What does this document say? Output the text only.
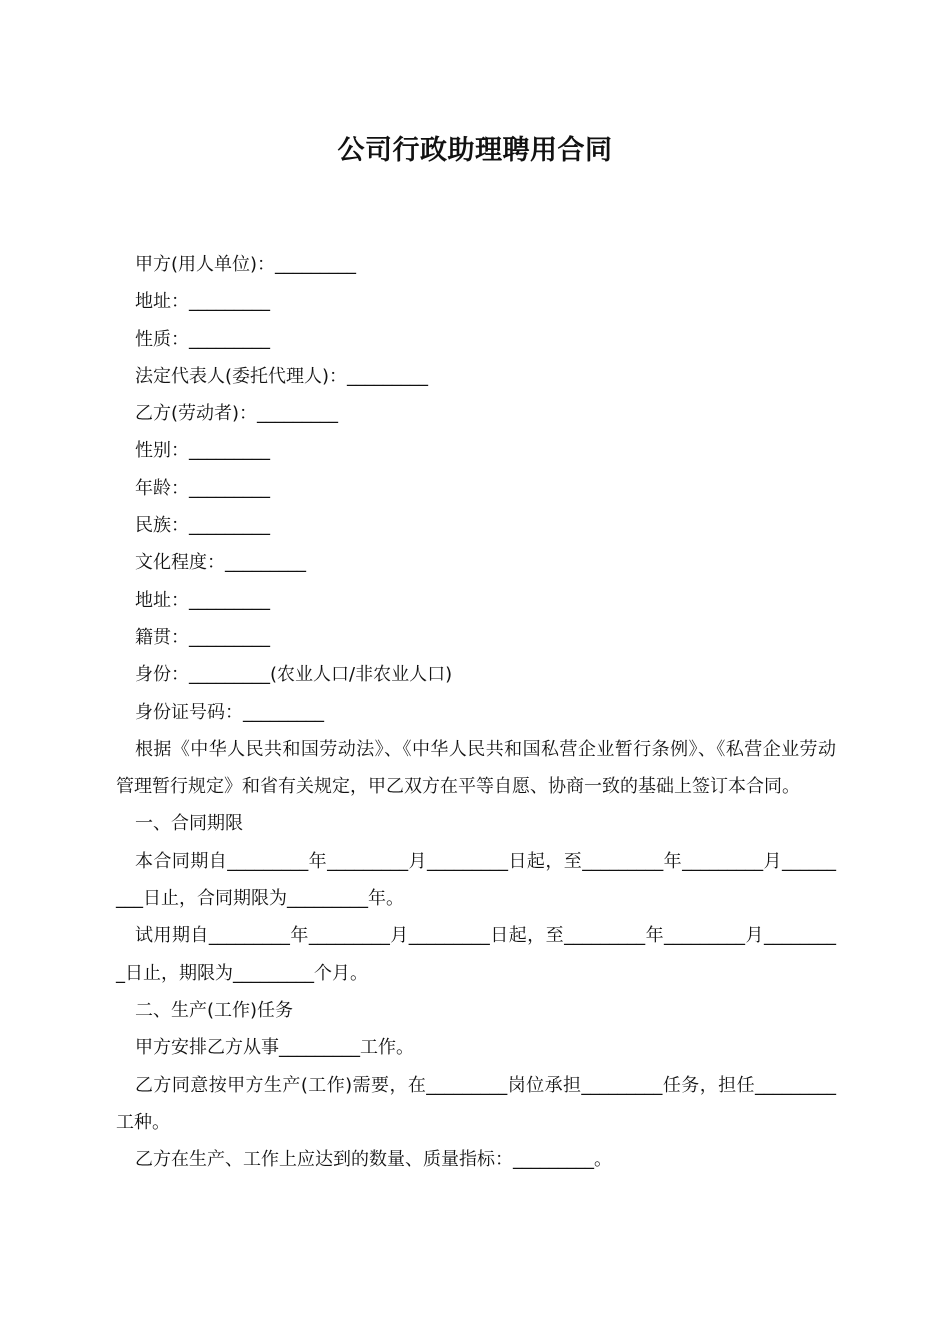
公司行政助理聘用合同
甲方(用人单位)：_________
地址：_________
性质：_________
法定代表人(委托代理人)：_________
乙方(劳动者)：_________
性别：_________
年龄：_________
民族：_________
文化程度：_________
地址：_________
籍贯：_________
身份：_________(农业人口/非农业人口)
身份证号码：_________
根据《中华人民共和国劳动法》、《中华人民共和国私营企业暂行条例》、《私营企业劳动管理暂行规定》和省有关规定，甲乙双方在平等自愿、协商一致的基础上签订本合同。
一、合同期限
本合同期自_________年_________月_________日起，至_________年_________月_________日止，合同期限为_________年。
试用期自_________年_________月_________日起，至_________年_________月_________日止，期限为_________个月。
二、生产(工作)任务
甲方安排乙方从事_________工作。
乙方同意按甲方生产(工作)需要，在_________岗位承担_________任务，担任_________工种。
乙方在生产、工作上应达到的数量、质量指标：_________。
